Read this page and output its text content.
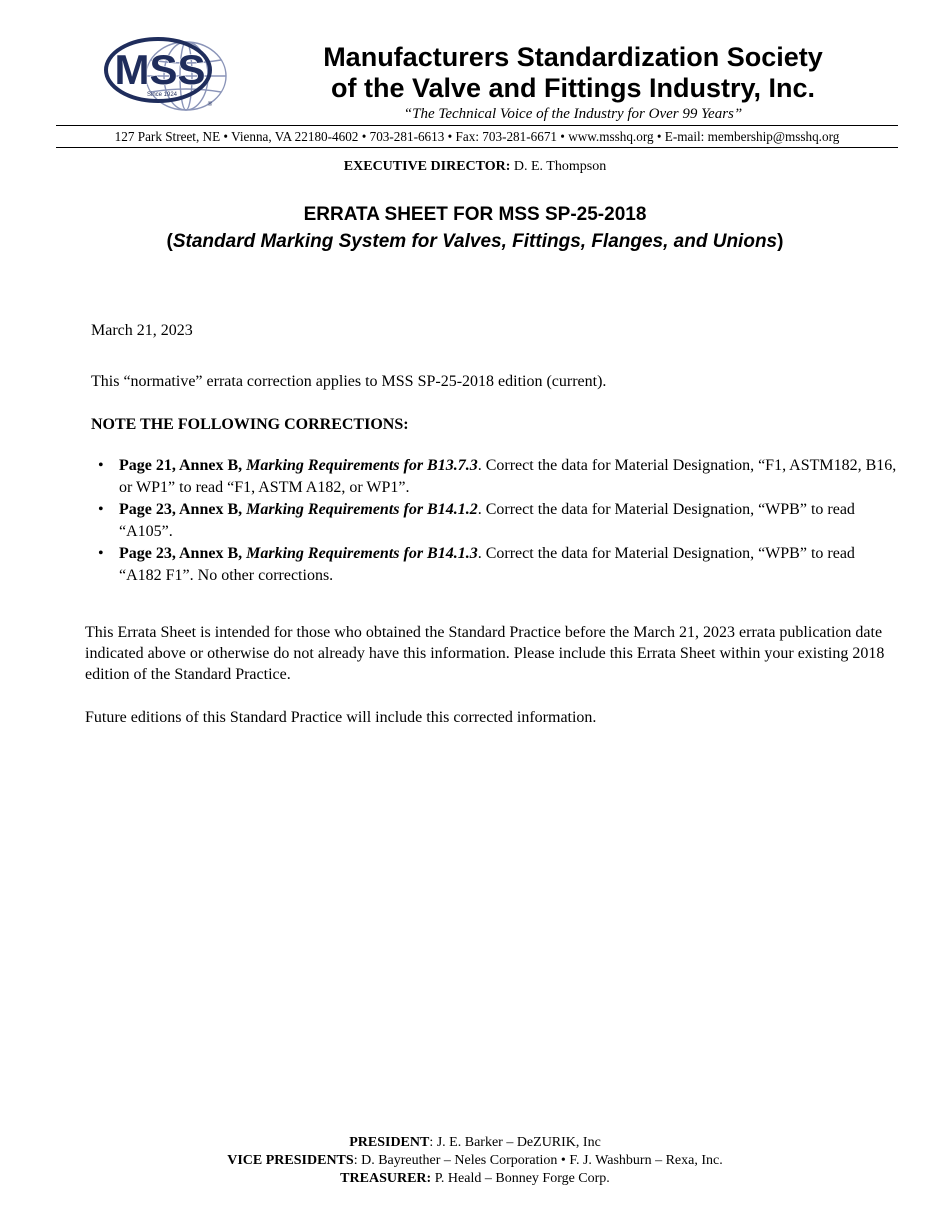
MSS
Since 1924
®
Manufacturers Standardization Society
of the Valve and Fittings Industry, Inc.
“The Technical Voice of the Industry for Over 99 Years”
127 Park Street, NE • Vienna, VA 22180-4602 • 703-281-6613 • Fax: 703-281-6671 • www.msshq.org • E-mail: membership@msshq.org
EXECUTIVE DIRECTOR: D. E. Thompson
ERRATA SHEET FOR MSS SP-25-2018
(Standard Marking System for Valves, Fittings, Flanges, and Unions)
March 21, 2023
This “normative” errata correction applies to MSS SP-25-2018 edition (current).
NOTE THE FOLLOWING CORRECTIONS:
• Page 21, Annex B, Marking Requirements for B13.7.3. Correct the data for Material Designation, “F1, ASTM182, B16, or WP1” to read “F1, ASTM A182, or WP1”.
• Page 23, Annex B, Marking Requirements for B14.1.2. Correct the data for Material Designation, “WPB” to read “A105”.
• Page 23, Annex B, Marking Requirements for B14.1.3. Correct the data for Material Designation, “WPB” to read “A182 F1”. No other corrections.
This Errata Sheet is intended for those who obtained the Standard Practice before the March 21, 2023 errata publication date indicated above or otherwise do not already have this information. Please include this Errata Sheet within your existing 2018 edition of the Standard Practice.
Future editions of this Standard Practice will include this corrected information.
PRESIDENT: J. E. Barker – DeZURIK, Inc
VICE PRESIDENTS: D. Bayreuther – Neles Corporation • F. J. Washburn – Rexa, Inc.
TREASURER: P. Heald – Bonney Forge Corp.
